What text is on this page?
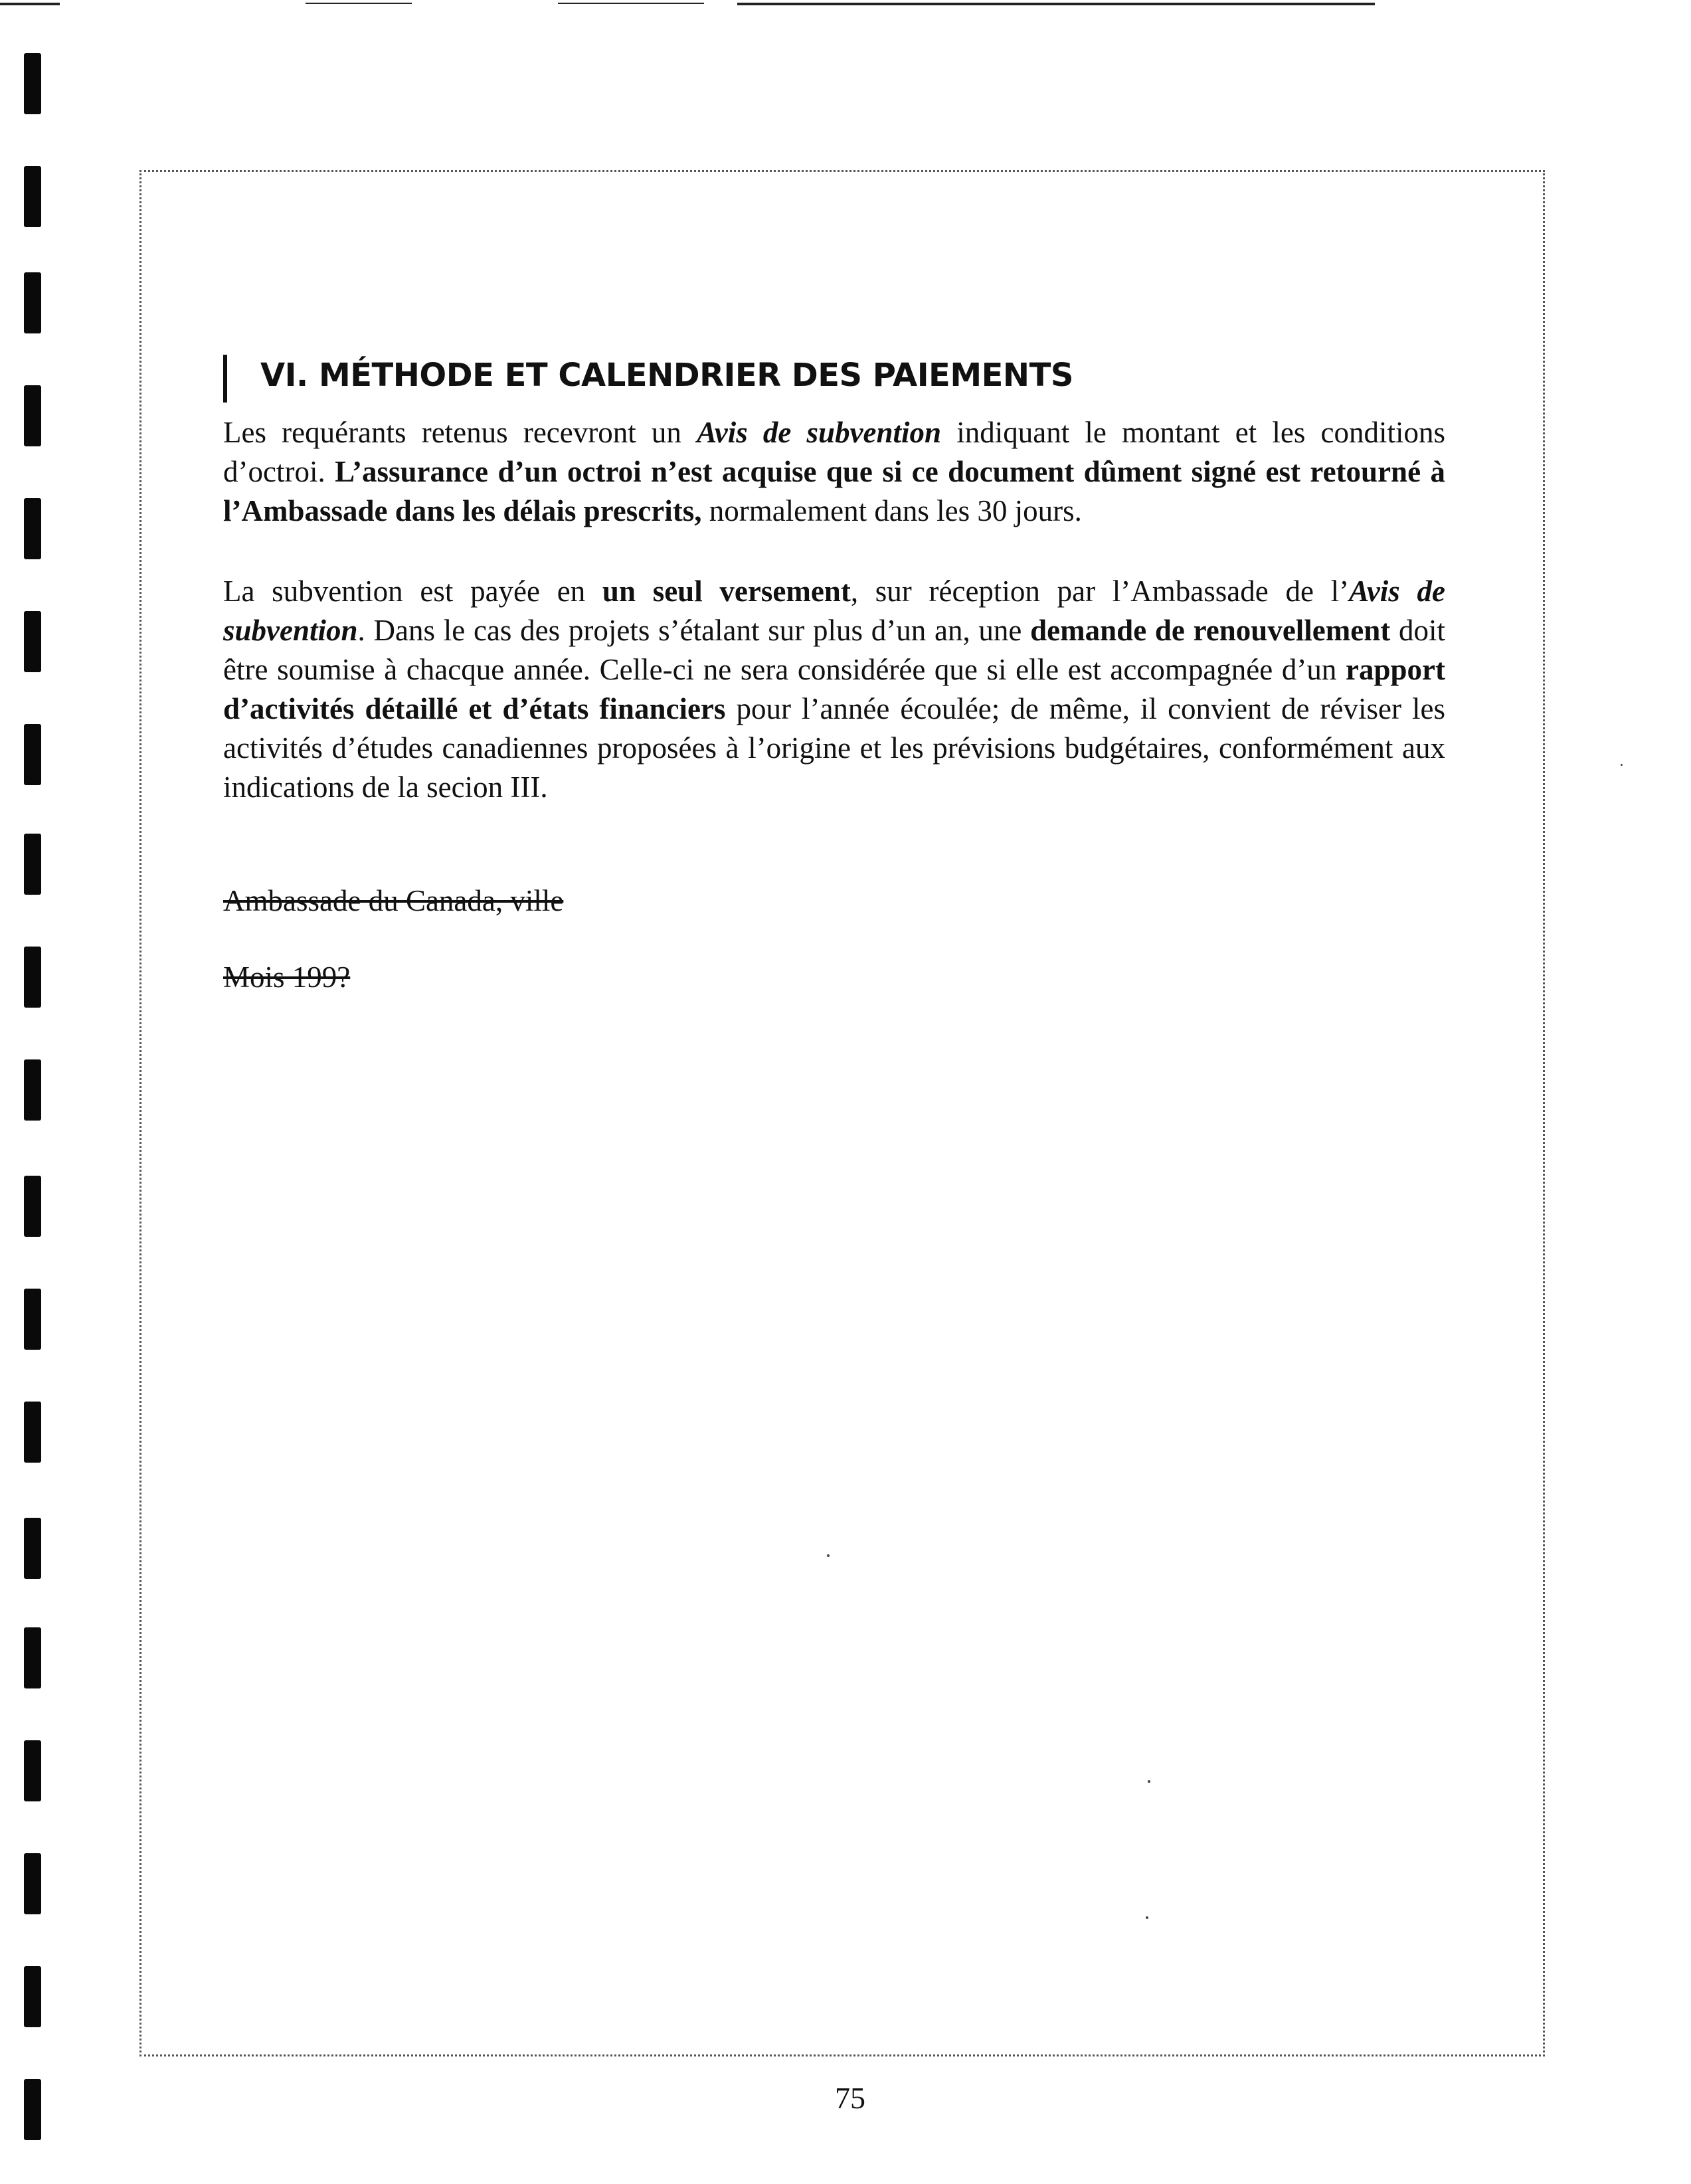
VI. MÉTHODE ET CALENDRIER DES PAIEMENTS

Les requérants retenus recevront un Avis de subvention indiquant le montant et les conditions d’octroi. L’assurance d’un octroi n’est acquise que si ce document dûment signé est retourné à l’Ambassade dans les délais prescrits, normalement dans les 30 jours.

La subvention est payée en un seul versement, sur réception par l’Ambassade de l’Avis de subvention. Dans le cas des projets s’étalant sur plus d’un an, une demande de renouvellement doit être soumise à chacque année. Celle-ci ne sera considérée que si elle est accompagnée d’un rapport d’activités détaillé et d’états financiers pour l’année écoulée; de même, il convient de réviser les activités d’études canadiennes proposées à l’origine et les prévisions budgétaires, conformément aux indications de la secion III.

Ambassade du Canada, ville

Mois 199?

75
